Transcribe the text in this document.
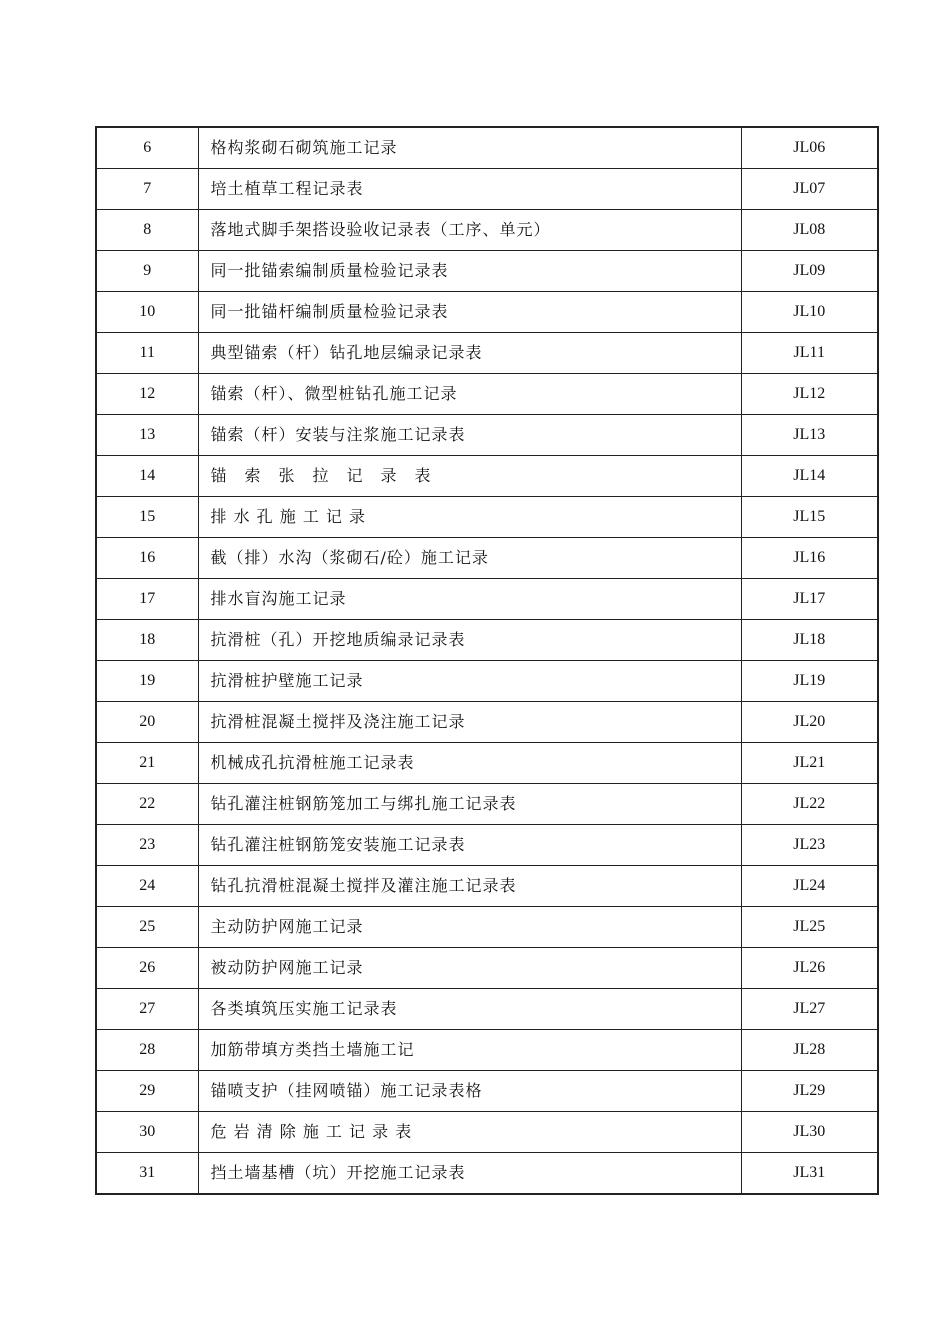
6	格构浆砌石砌筑施工记录	JL06
7	培土植草工程记录表	JL07
8	落地式脚手架搭设验收记录表（工序、单元）	JL08
9	同一批锚索编制质量检验记录表	JL09
10	同一批锚杆编制质量检验记录表	JL10
11	典型锚索（杆）钻孔地层编录记录表	JL11
12	锚索（杆）、微型桩钻孔施工记录	JL12
13	锚索（杆）安装与注浆施工记录表	JL13
14	锚　索　张　拉　记　录　表	JL14
15	排 水 孔 施 工 记 录	JL15
16	截（排）水沟（浆砌石/砼）施工记录	JL16
17	排水盲沟施工记录	JL17
18	抗滑桩（孔）开挖地质编录记录表	JL18
19	抗滑桩护壁施工记录	JL19
20	抗滑桩混凝土搅拌及浇注施工记录	JL20
21	机械成孔抗滑桩施工记录表	JL21
22	钻孔灌注桩钢筋笼加工与绑扎施工记录表	JL22
23	钻孔灌注桩钢筋笼安装施工记录表	JL23
24	钻孔抗滑桩混凝土搅拌及灌注施工记录表	JL24
25	主动防护网施工记录	JL25
26	被动防护网施工记录	JL26
27	各类填筑压实施工记录表	JL27
28	加筋带填方类挡土墙施工记	JL28
29	锚喷支护（挂网喷锚）施工记录表格	JL29
30	危 岩 清 除 施 工 记 录 表	JL30
31	挡土墙基槽（坑）开挖施工记录表	JL31
